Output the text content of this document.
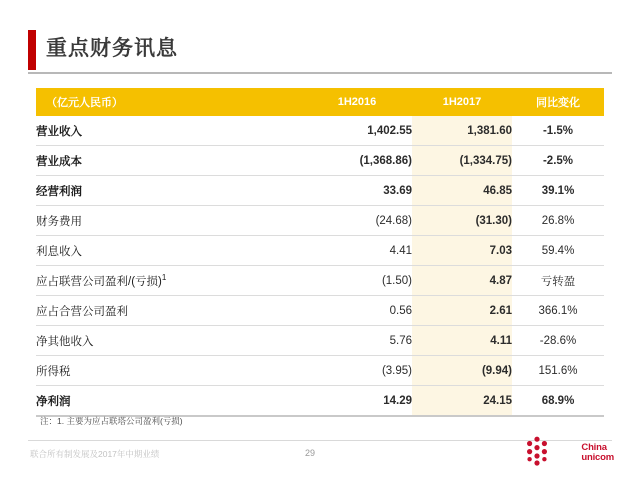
重点财务讯息
（亿元人民币）	1H2016	1H2017	同比变化
营业收入	1,402.55	1,381.60	-1.5%
营业成本	(1,368.86)	(1,334.75)	-2.5%
经营利润	33.69	46.85	39.1%
财务费用	(24.68)	(31.30)	26.8%
利息收入	4.41	7.03	59.4%
应占联营公司盈利/(亏损)$^1$	(1.50)	4.87	亏转盈
应占合营公司盈利	0.56	2.61	366.1%
净其他收入	5.76	4.11	-28.6%
所得税	(3.95)	(9.94)	151.6%
净利润	14.29	24.15	68.9%
注：1. 主要为应占联塔公司盈利(亏损)
联合所有制发展及2017年中期业绩	29	China
unicom
